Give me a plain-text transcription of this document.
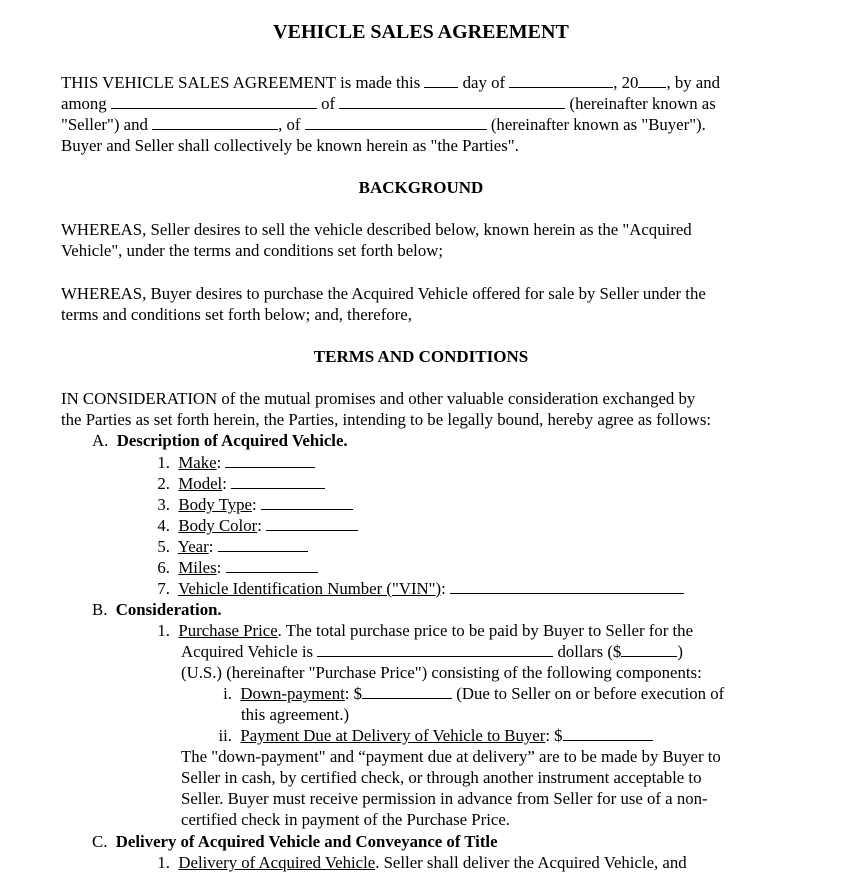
VEHICLE SALES AGREEMENT
THIS VEHICLE SALES AGREEMENT is made this	day of	, 20 , by and
among	of	(hereinafter known as
"Seller") and	, of	(hereinafter known as "Buyer").
Buyer and Seller shall collectively be known herein as "the Parties".
BACKGROUND
WHEREAS, Seller desires to sell the vehicle described below, known herein as the "Acquired
Vehicle", under the terms and conditions set forth below;
WHEREAS, Buyer desires to purchase the Acquired Vehicle offered for sale by Seller under the
terms and conditions set forth below; and, therefore,
TERMS AND CONDITIONS
IN CONSIDERATION of the mutual promises and other valuable consideration exchanged by
the Parties as set forth herein, the Parties, intending to be legally bound, hereby agree as follows:
A. Description of Acquired Vehicle.
1. Make:
2. Model:
3. Body Type:
4. Body Color:
5. Year:
6. Miles:
7. Vehicle Identification Number ("VIN"):
B. Consideration.
1. Purchase Price. The total purchase price to be paid by Buyer to Seller for the
Acquired Vehicle is	dollars ($	)
(U.S.) (hereinafter "Purchase Price") consisting of the following components:
i. Down-payment: $	(Due to Seller on or before execution of
this agreement.)
ii. Payment Due at Delivery of Vehicle to Buyer: $
The "down-payment" and “payment due at delivery” are to be made by Buyer to
Seller in cash, by certified check, or through another instrument acceptable to
Seller. Buyer must receive permission in advance from Seller for use of a non-
certified check in payment of the Purchase Price.
C. Delivery of Acquired Vehicle and Conveyance of Title
1. Delivery of Acquired Vehicle. Seller shall deliver the Acquired Vehicle, and
